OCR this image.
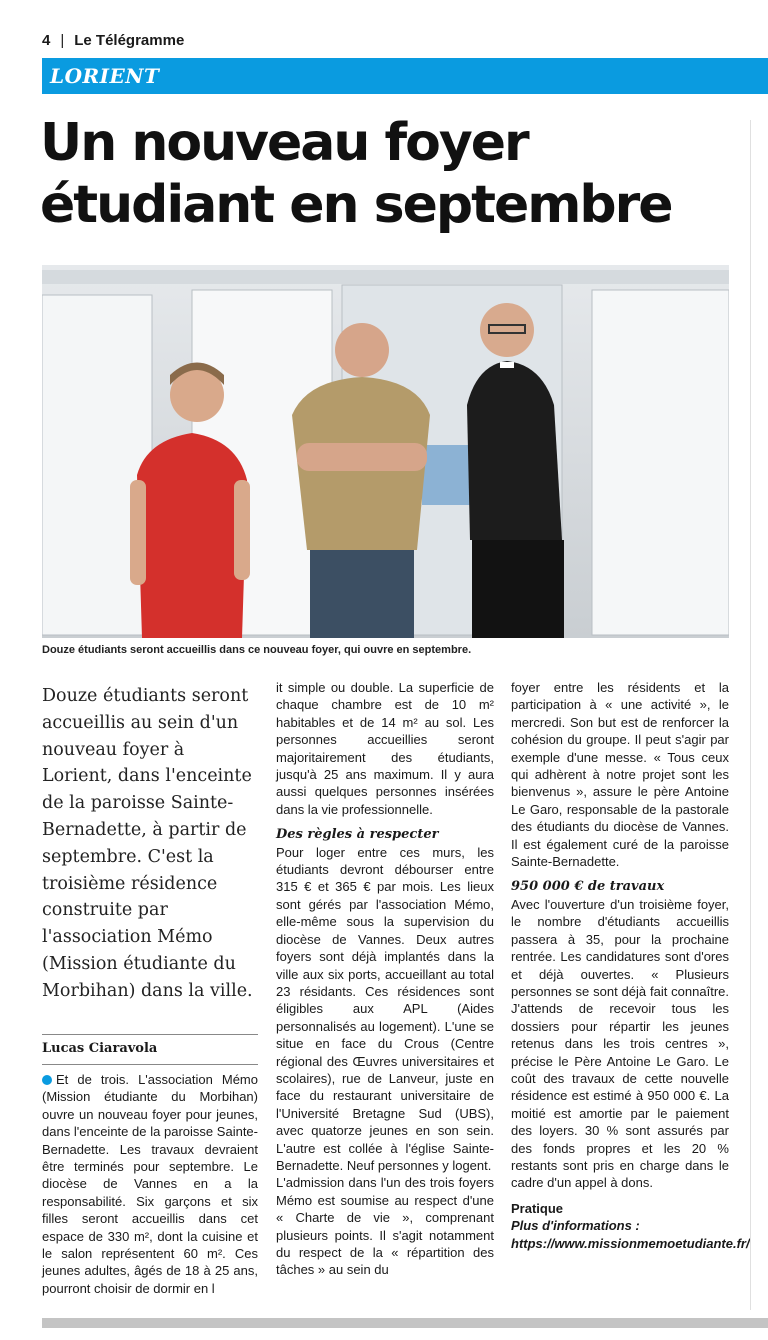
4 | Le Télégramme
LORIENT
Un nouveau foyer étudiant en septembre
Douze étudiants seront accueillis dans ce nouveau foyer, qui ouvre en septembre.

Douze étudiants seront accueillis au sein d'un nouveau foyer à Lorient, dans l'enceinte de la paroisse Sainte-Bernadette, à partir de septembre. C'est la troisième résidence construite par l'association Mémo (Mission étudiante du Morbihan) dans la ville.

Lucas Ciaravola

Et de trois. L'association Mémo (Mission étudiante du Morbihan) ouvre un nouveau foyer pour jeunes, dans l'enceinte de la paroisse Sainte-Bernadette. Les travaux devraient être terminés pour septembre. Le diocèse de Vannes en a la responsabilité. Six garçons et six filles seront accueillis dans cet espace de 330 m², dont la cuisine et le salon représentent 60 m². Ces jeunes adultes, âgés de 18 à 25 ans, pourront choisir de dormir en l

it simple ou double. La superficie de chaque chambre est de 10 m² habitables et de 14 m² au sol. Les personnes accueillies seront majoritairement des étudiants, jusqu'à 25 ans maximum. Il y aura aussi quelques personnes insérées dans la vie professionnelle.

Des règles à respecter

Pour loger entre ces murs, les étudiants devront débourser entre 315 € et 365 € par mois. Les lieux sont gérés par l'association Mémo, elle-même sous la supervision du diocèse de Vannes. Deux autres foyers sont déjà implantés dans la ville aux six ports, accueillant au total 23 résidants. Ces résidences sont éligibles aux APL (Aides personnalisés au logement). L'une se situe en face du Crous (Centre régional des Œuvres universitaires et scolaires), rue de Lanveur, juste en face du restaurant universitaire de l'Université Bretagne Sud (UBS), avec quatorze jeunes en son sein. L'autre est collée à l'église Sainte-Bernadette. Neuf personnes y logent.

L'admission dans l'un des trois foyers Mémo est soumise au respect d'une « Charte de vie », comprenant plusieurs points. Il s'agit notamment du respect de la « répartition des tâches » au sein du

foyer entre les résidents et la participation à « une activité », le mercredi. Son but est de renforcer la cohésion du groupe. Il peut s'agir par exemple d'une messe. « Tous ceux qui adhèrent à notre projet sont les bienvenus », assure le père Antoine Le Garo, responsable de la pastorale des étudiants du diocèse de Vannes. Il est également curé de la paroisse Sainte-Bernadette.

950 000 € de travaux

Avec l'ouverture d'un troisième foyer, le nombre d'étudiants accueillis passera à 35, pour la prochaine rentrée. Les candidatures sont d'ores et déjà ouvertes. « Plusieurs personnes se sont déjà fait connaître. J'attends de recevoir tous les dossiers pour répartir les jeunes retenus dans les trois centres », précise le Père Antoine Le Garo. Le coût des travaux de cette nouvelle résidence est estimé à 950 000 €. La moitié est amortie par le paiement des loyers. 30 % sont assurés par des fonds propres et les 20 % restants sont pris en charge dans le cadre d'un appel à dons.

Pratique

Plus d'informations : https://www.missionmemoetudiante.fr/
